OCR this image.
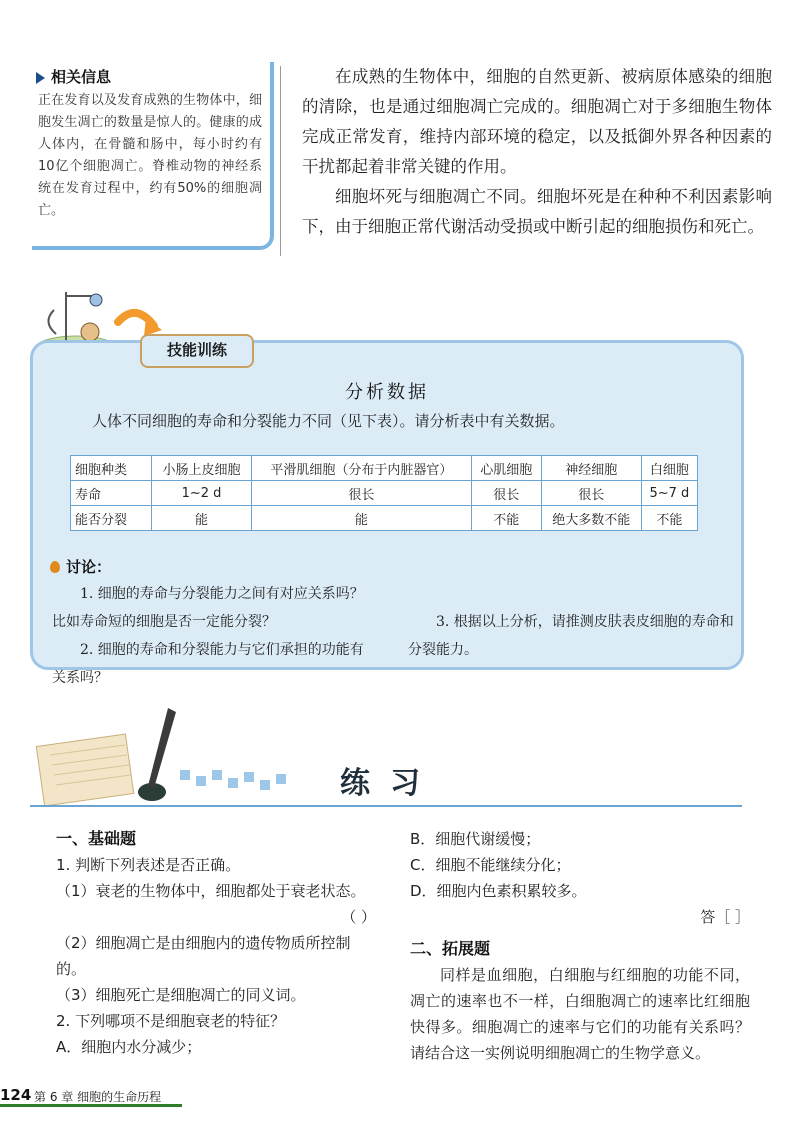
相关信息
正在发育以及发育成熟的生物体中，细胞发生凋亡的数量是惊人的。健康的成人体内，在骨髓和肠中，每小时约有10亿个细胞凋亡。脊椎动物的神经系统在发育过程中，约有50%的细胞凋亡。

在成熟的生物体中，细胞的自然更新、被病原体感染的细胞的清除，也是通过细胞凋亡完成的。细胞凋亡对于多细胞生物体完成正常发育，维持内部环境的稳定，以及抵御外界各种因素的干扰都起着非常关键的作用。

细胞坏死与细胞凋亡不同。细胞坏死是在种种不利因素影响下，由于细胞正常代谢活动受损或中断引起的细胞损伤和死亡。

技能训练
分析数据
人体不同细胞的寿命和分裂能力不同（见下表）。请分析表中有关数据。
细胞种类	小肠上皮细胞	平滑肌细胞（分布于内脏器官）	心肌细胞	神经细胞	白细胞
寿命	1~2 d	很长	很长	很长	5~7 d
能否分裂	能	能	不能	绝大多数不能	不能
讨论：

1. 细胞的寿命与分裂能力之间有对应关系吗？比如寿命短的细胞是否一定能分裂？

2. 细胞的寿命和分裂能力与它们承担的功能有关系吗？

3. 根据以上分析，请推测皮肤表皮细胞的寿命和分裂能力。

练习

一、基础题

1. 判断下列表述是否正确。

（1）衰老的生物体中，细胞都处于衰老状态。

（ ）

（2）细胞凋亡是由细胞内的遗传物质所控制的。

（3）细胞死亡是细胞凋亡的同义词。

2. 下列哪项不是细胞衰老的特征？

A．细胞内水分减少；

B．细胞代谢缓慢；

C．细胞不能继续分化；

D．细胞内色素积累较多。

答［ ］

二、拓展题

同样是血细胞，白细胞与红细胞的功能不同，凋亡的速率也不一样，白细胞凋亡的速率比红细胞快得多。细胞凋亡的速率与它们的功能有关系吗？请结合这一实例说明细胞凋亡的生物学意义。

124 第 6 章 细胞的生命历程
